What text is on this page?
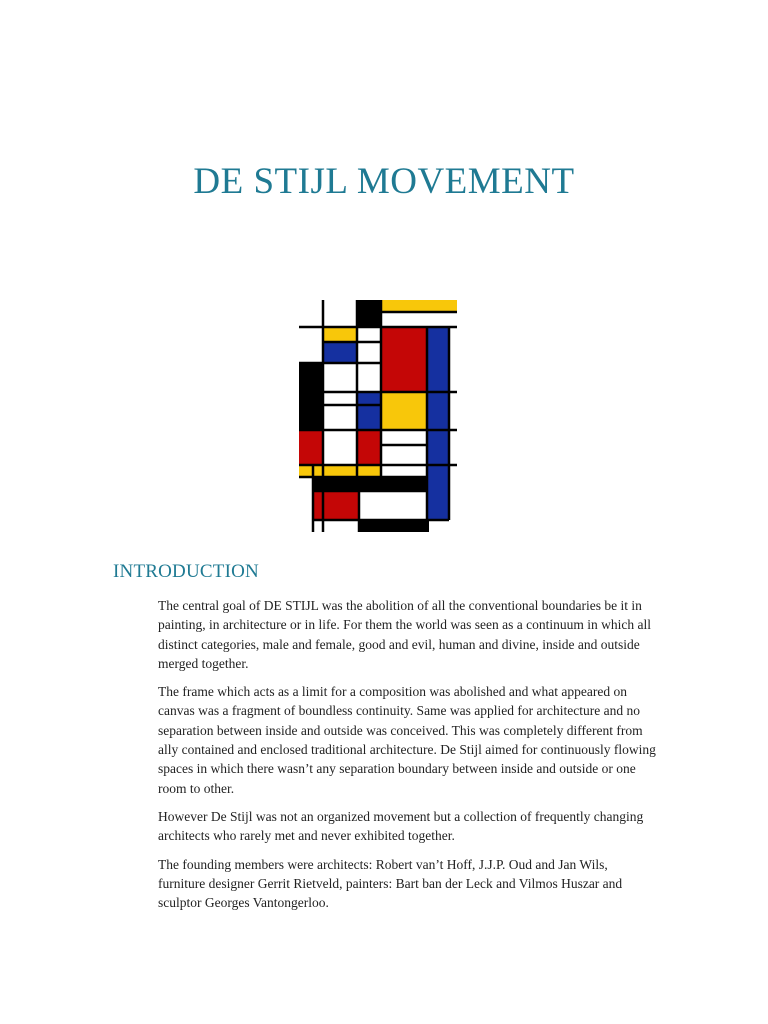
DE STIJL MOVEMENT
INTRODUCTION

The central goal of DE STIJL was the abolition of all the conventional boundaries be it in painting, in architecture or in life. For them the world was seen as a continuum in which all distinct categories, male and female, good and evil, human and divine, inside and outside merged together.

The frame which acts as a limit for a composition was abolished and what appeared on canvas was a fragment of boundless continuity. Same was applied for architecture and no separation between inside and outside was conceived. This was completely different from ally contained and enclosed traditional architecture. De Stijl aimed for continuously flowing spaces in which there wasn’t any separation boundary between inside and outside or one room to other.

However De Stijl was not an organized movement but a collection of frequently changing architects who rarely met and never exhibited together.

The founding members were architects: Robert van’t Hoff, J.J.P. Oud and Jan Wils, furniture designer Gerrit Rietveld, painters: Bart ban der Leck and Vilmos Huszar and sculptor Georges Vantongerloo.
